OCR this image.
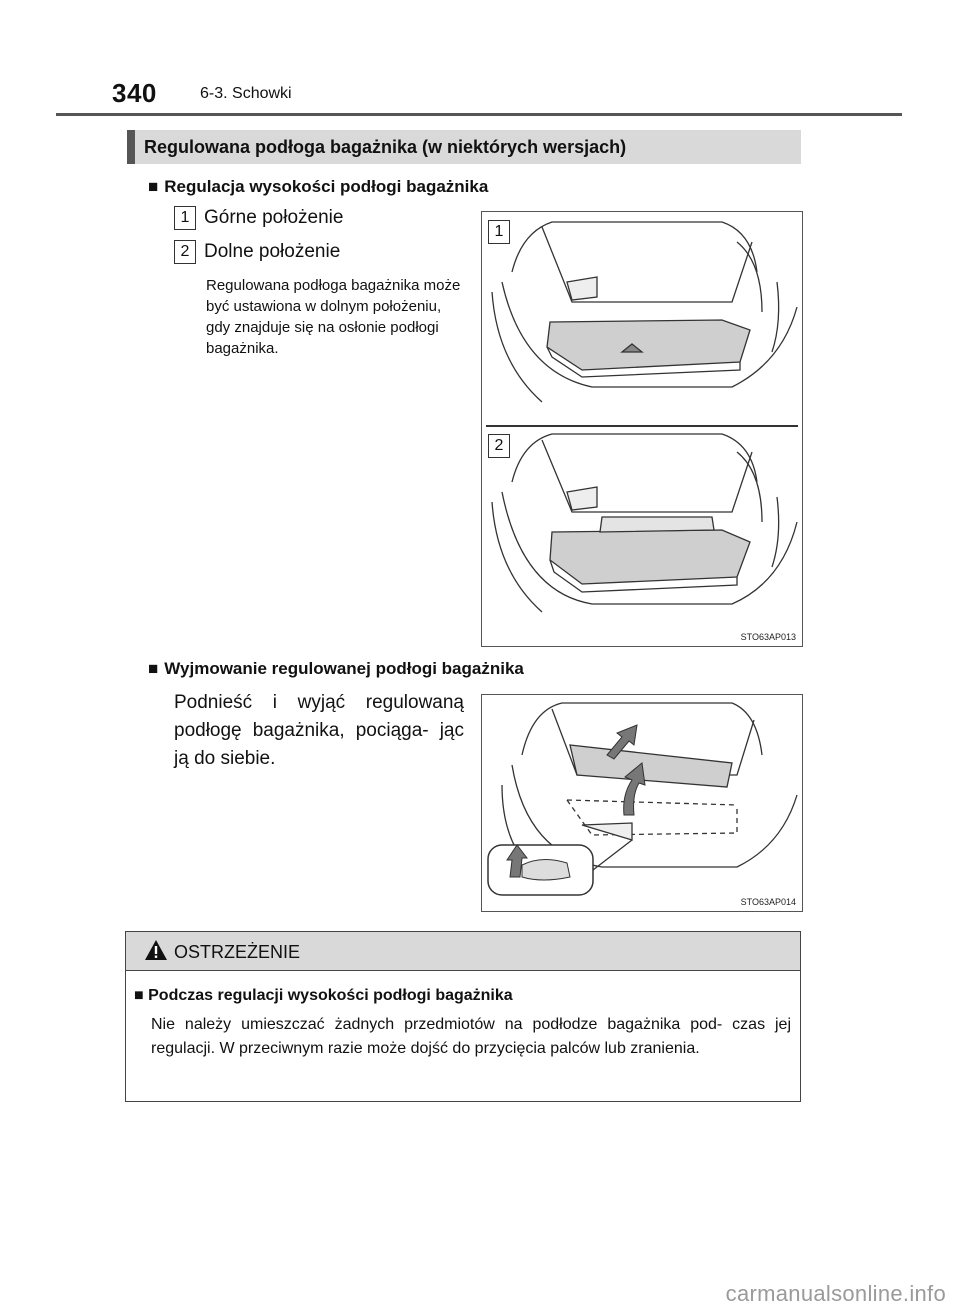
340	6-3. Schowki
Regulowana podłoga bagażnika (w niektórych wersjach)
■ Regulacja wysokości podłogi bagażnika
1 Górne położenie
2 Dolne położenie
Regulowana podłoga bagażnika może być ustawiona w dolnym położeniu, gdy znajduje się na osłonie podłogi bagażnika.
1
2
STO63AP013
■ Wyjmowanie regulowanej podłogi bagażnika
Podnieść i wyjąć regulowaną podłogę bagażnika, pociąga- jąc ją do siebie.
STO63AP014
OSTRZEŻENIE
■ Podczas regulacji wysokości podłogi bagażnika
Nie należy umieszczać żadnych przedmiotów na podłodze bagażnika pod- czas jej regulacji. W przeciwnym razie może dojść do przycięcia palców lub zranienia.
carmanualsonline.info
